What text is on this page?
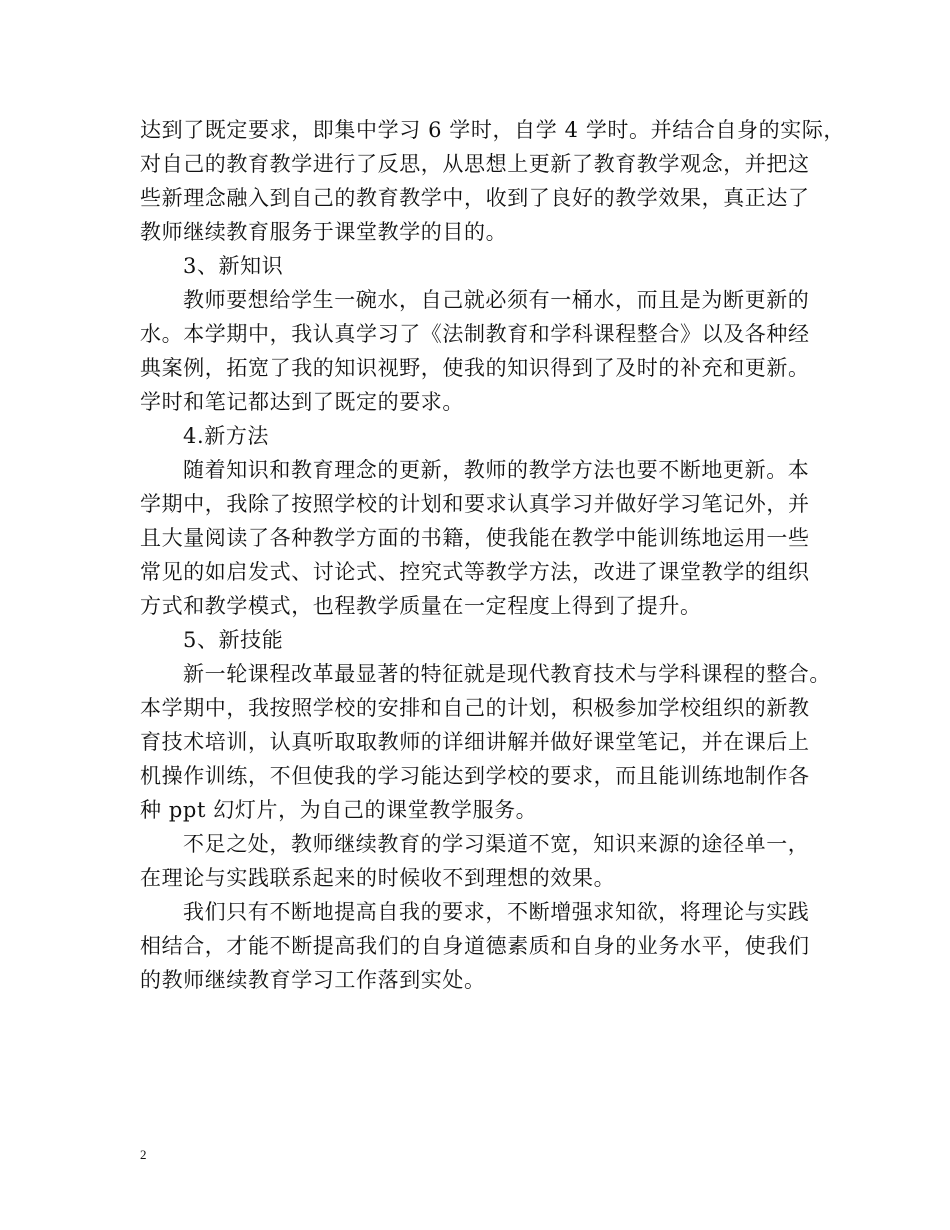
达到了既定要求，即集中学习 6 学时，自学 4 学时。并结合自身的实际，
对自己的教育教学进行了反思，从思想上更新了教育教学观念，并把这
些新理念融入到自己的教育教学中，收到了良好的教学效果，真正达了
教师继续教育服务于课堂教学的目的。
3、新知识
教师要想给学生一碗水，自己就必须有一桶水，而且是为断更新的
水。本学期中，我认真学习了《法制教育和学科课程整合》以及各种经
典案例，拓宽了我的知识视野，使我的知识得到了及时的补充和更新。
学时和笔记都达到了既定的要求。
4.新方法
随着知识和教育理念的更新，教师的教学方法也要不断地更新。本
学期中，我除了按照学校的计划和要求认真学习并做好学习笔记外，并
且大量阅读了各种教学方面的书籍，使我能在教学中能训练地运用一些
常见的如启发式、讨论式、控究式等教学方法，改进了课堂教学的组织
方式和教学模式，也程教学质量在一定程度上得到了提升。
5、新技能
新一轮课程改革最显著的特征就是现代教育技术与学科课程的整合。
本学期中，我按照学校的安排和自己的计划，积极参加学校组织的新教
育技术培训，认真听取取教师的详细讲解并做好课堂笔记，并在课后上
机操作训练，不但使我的学习能达到学校的要求，而且能训练地制作各
种 ppt 幻灯片，为自己的课堂教学服务。
不足之处，教师继续教育的学习渠道不宽，知识来源的途径单一，
在理论与实践联系起来的时候收不到理想的效果。
我们只有不断地提高自我的要求，不断增强求知欲，将理论与实践
相结合，才能不断提高我们的自身道德素质和自身的业务水平，使我们
的教师继续教育学习工作落到实处。
2
